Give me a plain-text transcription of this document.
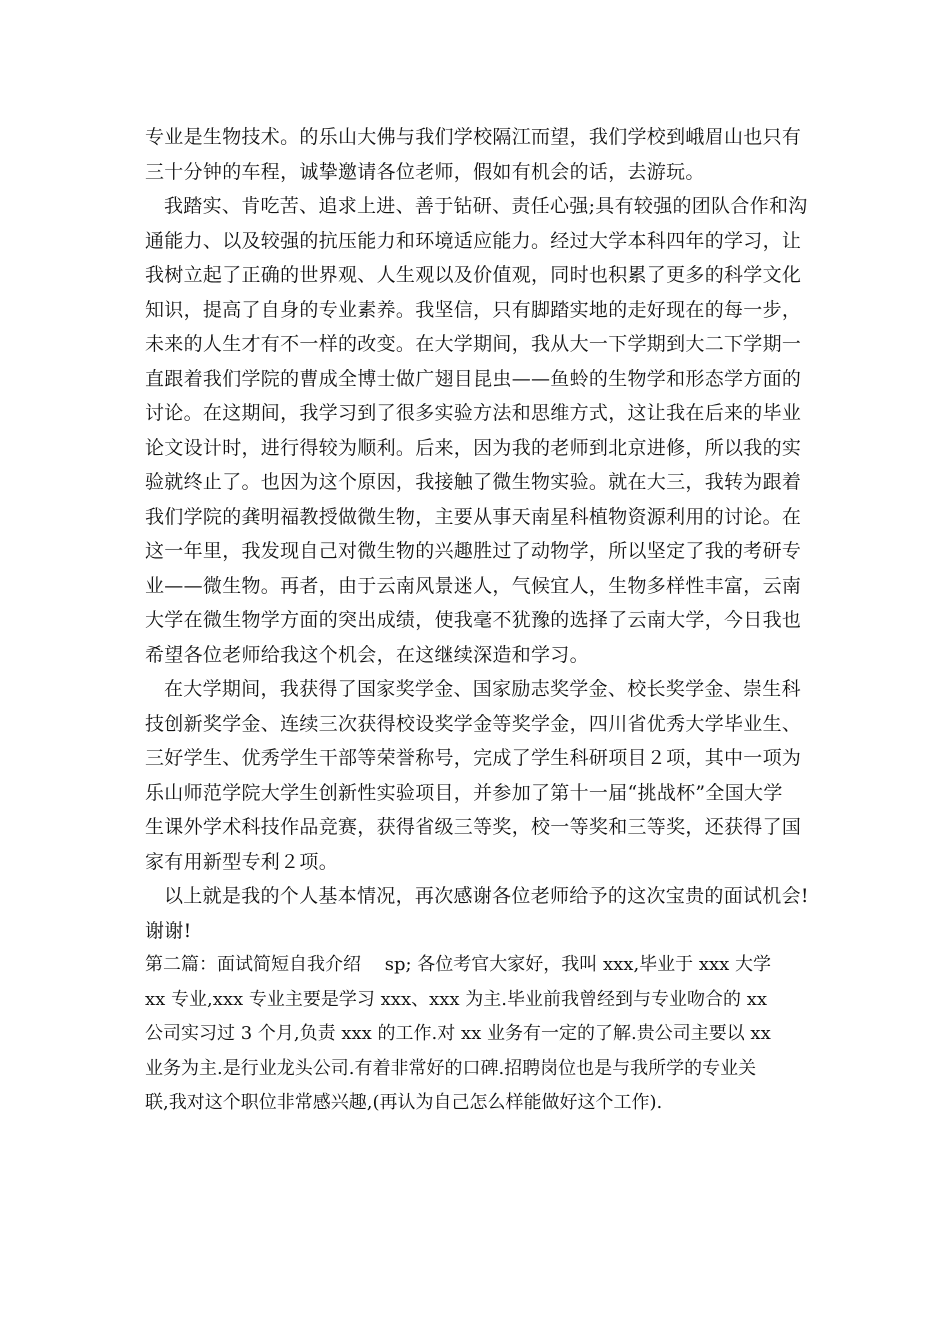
专业是生物技术。的乐山大佛与我们学校隔江而望，我们学校到峨眉山也只有
三十分钟的车程，诚挚邀请各位老师，假如有机会的话，去游玩。
我踏实、肯吃苦、追求上进、善于钻研、责任心强;具有较强的团队合作和沟
通能力、以及较强的抗压能力和环境适应能力。经过大学本科四年的学习，让
我树立起了正确的世界观、人生观以及价值观，同时也积累了更多的科学文化
知识，提高了自身的专业素养。我坚信，只有脚踏实地的走好现在的每一步，
未来的人生才有不一样的改变。在大学期间，我从大一下学期到大二下学期一
直跟着我们学院的曹成全博士做广翅目昆虫——鱼蛉的生物学和形态学方面的
讨论。在这期间，我学习到了很多实验方法和思维方式，这让我在后来的毕业
论文设计时，进行得较为顺利。后来，因为我的老师到北京进修，所以我的实
验就终止了。也因为这个原因，我接触了微生物实验。就在大三，我转为跟着
我们学院的龚明福教授做微生物，主要从事天南星科植物资源利用的讨论。在
这一年里，我发现自己对微生物的兴趣胜过了动物学，所以坚定了我的考研专
业——微生物。再者，由于云南风景迷人，气候宜人，生物多样性丰富，云南
大学在微生物学方面的突出成绩，使我毫不犹豫的选择了云南大学，今日我也
希望各位老师给我这个机会，在这继续深造和学习。
在大学期间，我获得了国家奖学金、国家励志奖学金、校长奖学金、崇生科
技创新奖学金、连续三次获得校设奖学金等奖学金，四川省优秀大学毕业生、
三好学生、优秀学生干部等荣誉称号，完成了学生科研项目２项，其中一项为
乐山师范学院大学生创新性实验项目，并参加了第十一届“挑战杯”全国大学
生课外学术科技作品竞赛，获得省级三等奖，校一等奖和三等奖，还获得了国
家有用新型专利２项。
以上就是我的个人基本情况，再次感谢各位老师给予的这次宝贵的面试机会!
谢谢!
第二篇：面试简短自我介绍　 sp; 各位考官大家好，我叫 xxx,毕业于 xxx 大学
xx 专业,xxx 专业主要是学习 xxx、xxx 为主.毕业前我曾经到与专业吻合的 xx
公司实习过 3 个月,负责 xxx 的工作.对 xx 业务有一定的了解.贵公司主要以 xx
业务为主.是行业龙头公司.有着非常好的口碑.招聘岗位也是与我所学的专业关
联,我对这个职位非常感兴趣,(再认为自己怎么样能做好这个工作).
